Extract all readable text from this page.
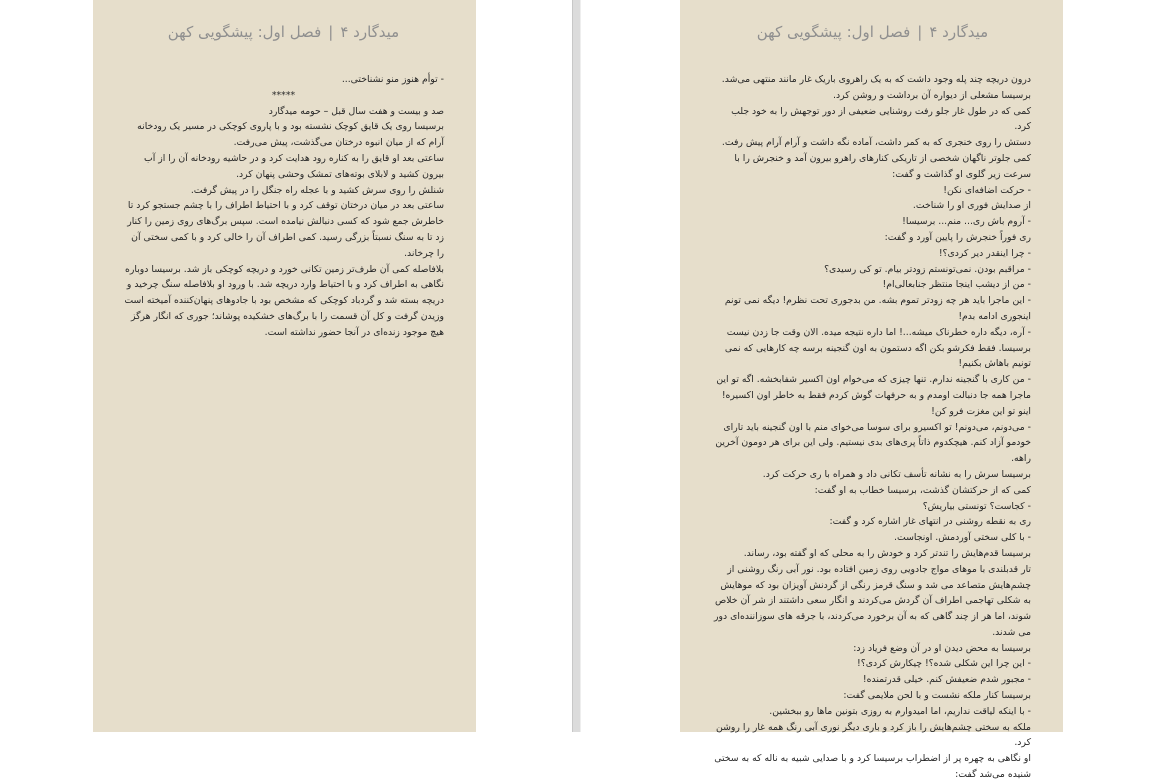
میدگارد ۴|فصل اول: پیشگویی کهن

- توأم هنوز منو نشناختی...

*****

صد و بیست و هفت سال قبل – حومه میدگارد

برسیسا روی یک قایق کوچک نشسته بود و با پاروی کوچکی در مسیر یک رودخانه آرام که از میان انبوه درختان می‌گذشت، پیش می‌رفت.

ساعتی بعد او قایق را به کناره رود هدایت کرد و در حاشیه رودخانه آن را از آب بیرون کشید و لابلای بوته‌های تمشک وحشی پنهان کرد.

شنلش را روی سرش کشید و با عجله راه جنگل را در پیش گرفت.

ساعتی بعد در میان درختان توقف کرد و با احتیاط اطراف را با چشم جستجو کرد تا خاطرش جمع شود که کسی دنبالش نیامده است. سپس برگ‌های روی زمین را کنار زد تا به سنگ نسبتاً بزرگی رسید. کمی اطراف آن را خالی کرد و با کمی سختی آن را چرخاند.

بلافاصله کمی آن طرف‌تر زمین تکانی خورد و دریچه کوچکی باز شد. برسیسا دوباره نگاهی به اطراف کرد و با احتیاط وارد دریچه شد. با ورود او بلافاصله سنگ چرخید و دریچه بسته شد و گردباد کوچکی که مشخص بود با جادوهای پنهان‌کننده آمیخته است وزیدن گرفت و کل آن قسمت را با برگ‌های خشکیده پوشاند؛ جوری که انگار هرگز هیچ موجود زنده‌ای در آنجا حضور نداشته است.

میدگارد ۴|فصل اول: پیشگویی کهن

درون دریچه چند پله وجود داشت که به یک راهروی باریک غار مانند منتهی می‌شد. برسیسا مشعلی از دیواره آن برداشت و روشن کرد.

کمی که در طول غار جلو رفت روشنایی ضعیفی از دور توجهش را به خود جلب کرد.

دستش را روی خنجری که به کمر داشت، آماده نگه داشت و آرام آرام پیش رفت.

کمی جلوتر ناگهان شخصی از تاریکی کنارهای راهرو بیرون آمد و خنجرش را با سرعت زیر گلوی او گذاشت و گفت:

- حرکت اضافه‌ای نکن!

از صدایش فوری او را شناخت.

- آروم باش ری... منم... برسیسا!

ری فوراً خنجرش را پایین آورد و گفت:

- چرا اینقدر دیر کردی؟!

- مراقبم بودن. نمی‌تونستم زودتر بیام. تو کی رسیدی؟

- من از دیشب اینجا منتظر جنابعالی‌ام!

- این ماجرا باید هر چه زودتر تموم بشه. من بدجوری تحت نظرم! دیگه نمی تونم اینجوری ادامه بدم!

- آره، دیگه داره خطرناک میشه...! اما داره نتیجه میده. الان وقت جا زدن نیست برسیسا. فقط فکرشو بکن اگه دستمون به اون گنجینه برسه چه کارهایی که نمی تونیم باهاش بکنیم!

- من کاری با گنجینه ندارم. تنها چیزی که می‌خوام اون اکسیر شفابخشه. اگه تو این ماجرا همه جا دنبالت اومدم و به حرفهات گوش کردم فقط به خاطر اون اکسیره! اینو تو این مغزت فرو کن!

- می‌دونم، می‌دونم! تو اکسیرو برای سوسا می‌خوای منم با اون گنجینه باید تارای خودمو آزاد کنم. هیچکدوم ذاتاً پری‌های بدی نیستیم. ولی این برای هر دومون آخرین راهه.

برسیسا سرش را به نشانه تأسف تکانی داد و همراه با ری حرکت کرد.

کمی که از حرکتشان گذشت، برسیسا خطاب به او گفت:

- کجاست؟ تونستی بیاریش؟

ری به نقطه روشنی در انتهای غار اشاره کرد و گفت:

- با کلی سختی آوردمش. اونجاست.

برسیسا قدم‌هایش را تندتر کرد و خودش را به محلی که او گفته بود، رساند.

تار قدبلندی با موهای مواج جادویی روی زمین افتاده بود. نور آبی رنگ روشنی از چشم‌هایش متصاعد می شد و سنگ قرمز رنگی از گردنش آویزان بود که موهایش به شکلی تهاجمی اطراف آن گردش می‌کردند و انگار سعی داشتند از شر آن خلاص شوند، اما هر از چند گاهی که به آن برخورد می‌کردند، با جرقه های سوزاننده‌ای دور می شدند.

برسیسا به محض دیدن او در آن وضع فریاد زد:

- این چرا این شکلی شده؟! چیکارش کردی؟!

- مجبور شدم ضعیفش کنم. خیلی قدرتمنده!

برسیسا کنار ملکه نشست و با لحن ملایمی گفت:

- با اینکه لیاقت نداریم، اما امیدوارم به روزی بتونین ماها رو ببخشین.

ملکه به سختی چشم‌هایش را باز کرد و باری دیگر نوری آبی رنگ همه غار را روشن کرد.

او نگاهی به چهره پر از اضطراب برسیسا کرد و با صدایی شبیه به ناله که به سختی شنیده می‌شد گفت:
